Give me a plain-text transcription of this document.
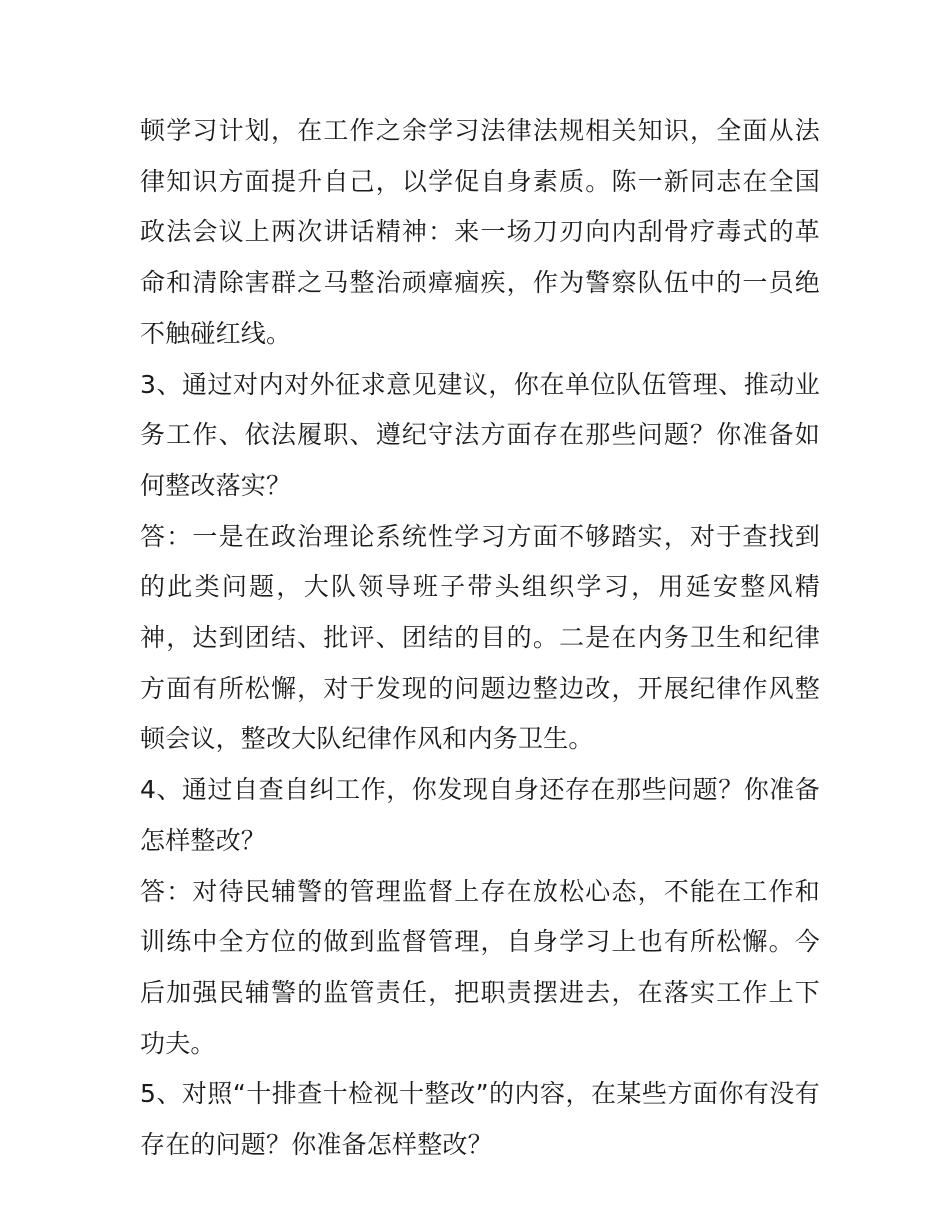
顿学习计划，在工作之余学习法律法规相关知识，全面从法律知识方面提升自己，以学促自身素质。陈一新同志在全国政法会议上两次讲话精神：来一场刀刃向内刮骨疗毒式的革命和清除害群之马整治顽瘴痼疾，作为警察队伍中的一员绝不触碰红线。

3、通过对内对外征求意见建议，你在单位队伍管理、推动业务工作、依法履职、遵纪守法方面存在那些问题？你准备如何整改落实？

答：一是在政治理论系统性学习方面不够踏实，对于查找到的此类问题，大队领导班子带头组织学习，用延安整风精神，达到团结、批评、团结的目的。二是在内务卫生和纪律方面有所松懈，对于发现的问题边整边改，开展纪律作风整顿会议，整改大队纪律作风和内务卫生。

4、通过自查自纠工作，你发现自身还存在那些问题？你准备怎样整改？

答：对待民辅警的管理监督上存在放松心态，不能在工作和训练中全方位的做到监督管理，自身学习上也有所松懈。今后加强民辅警的监管责任，把职责摆进去，在落实工作上下功夫。

5、对照“十排查十检视十整改”的内容，在某些方面你有没有存在的问题？你准备怎样整改？
